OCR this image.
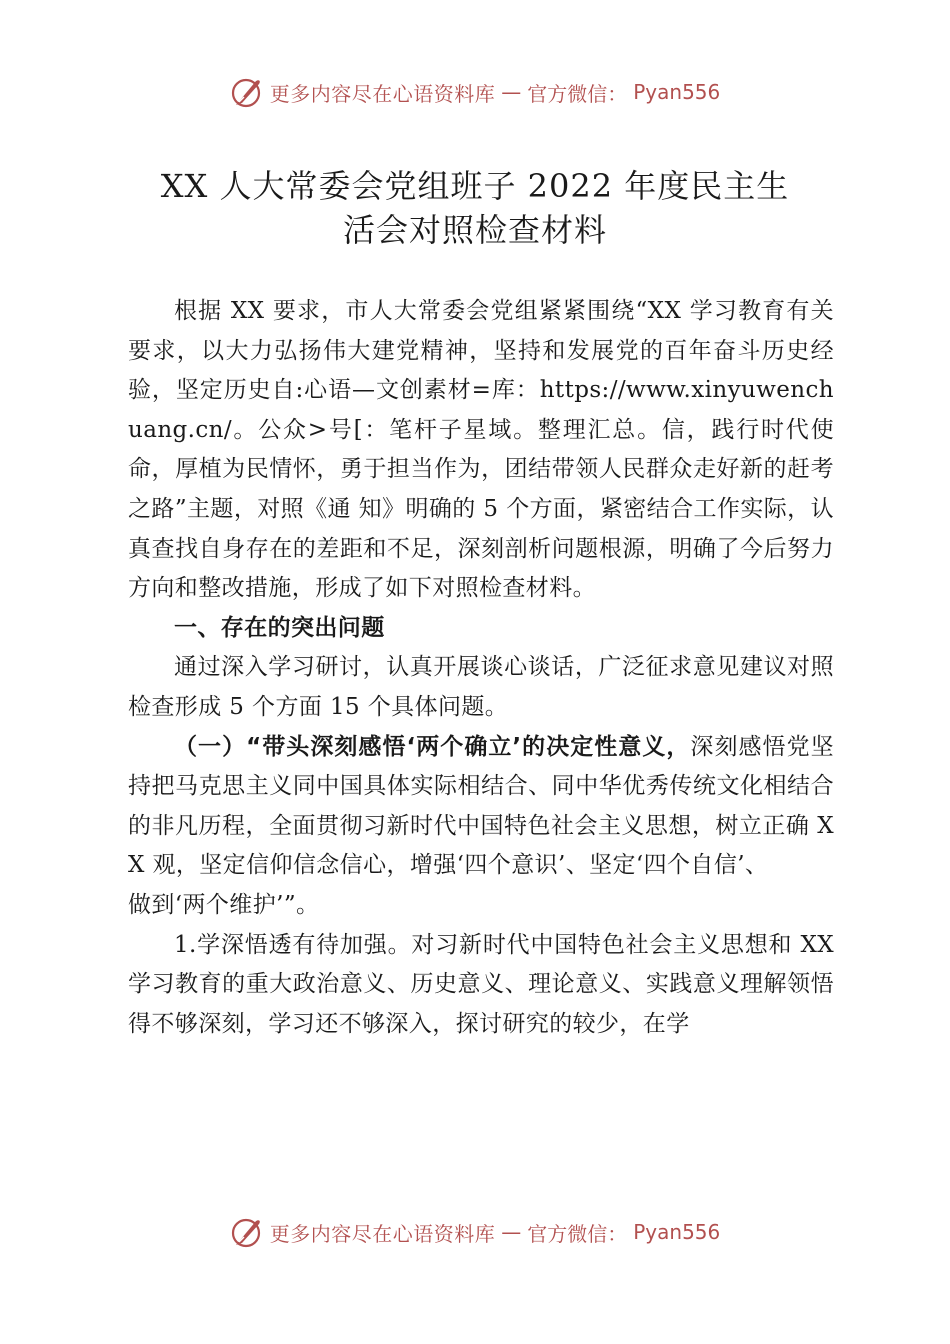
更多内容尽在心语资料库 — 官方微信： Pyan556
XX 人大常委会党组班子 2022 年度民主生
活会对照检查材料

根据 XX 要求，市人大常委会党组紧紧围绕“XX 学习教育有关要求，以大力弘扬伟大建党精神，坚持和发展党的百年奋斗历史经验，坚定历史自:心语—文创素材=库：https://www.xinyuwenchuang.cn/。公众>号[：笔杆子星域。整理汇总。信，践行时代使命，厚植为民情怀，勇于担当作为，团结带领人民群众走好新的赶考之路”主题，对照《通 知》明确的 5 个方面，紧密结合工作实际，认真查找自身存在的差距和不足，深刻剖析问题根源，明确了今后努力方向和整改措施，形成了如下对照检查材料。

一、存在的突出问题

通过深入学习研讨，认真开展谈心谈话，广泛征求意见建议对照检查形成 5 个方面 15 个具体问题。

（一）“带头深刻感悟‘两个确立’的决定性意义，深刻感悟党坚持把马克思主义同中国具体实际相结合、同中华优秀传统文化相结合的非凡历程，全面贯彻习新时代中国特色社会主义思想，树立正确 XX 观，坚定信仰信念信心，增强‘四个意识’、坚定‘四个自信’、

做到‘两个维护’”。

1.学深悟透有待加强。对习新时代中国特色社会主义思想和 XX 学习教育的重大政治意义、历史意义、理论意义、实践意义理解领悟得不够深刻，学习还不够深入，探讨研究的较少，在学

更多内容尽在心语资料库 — 官方微信： Pyan556
